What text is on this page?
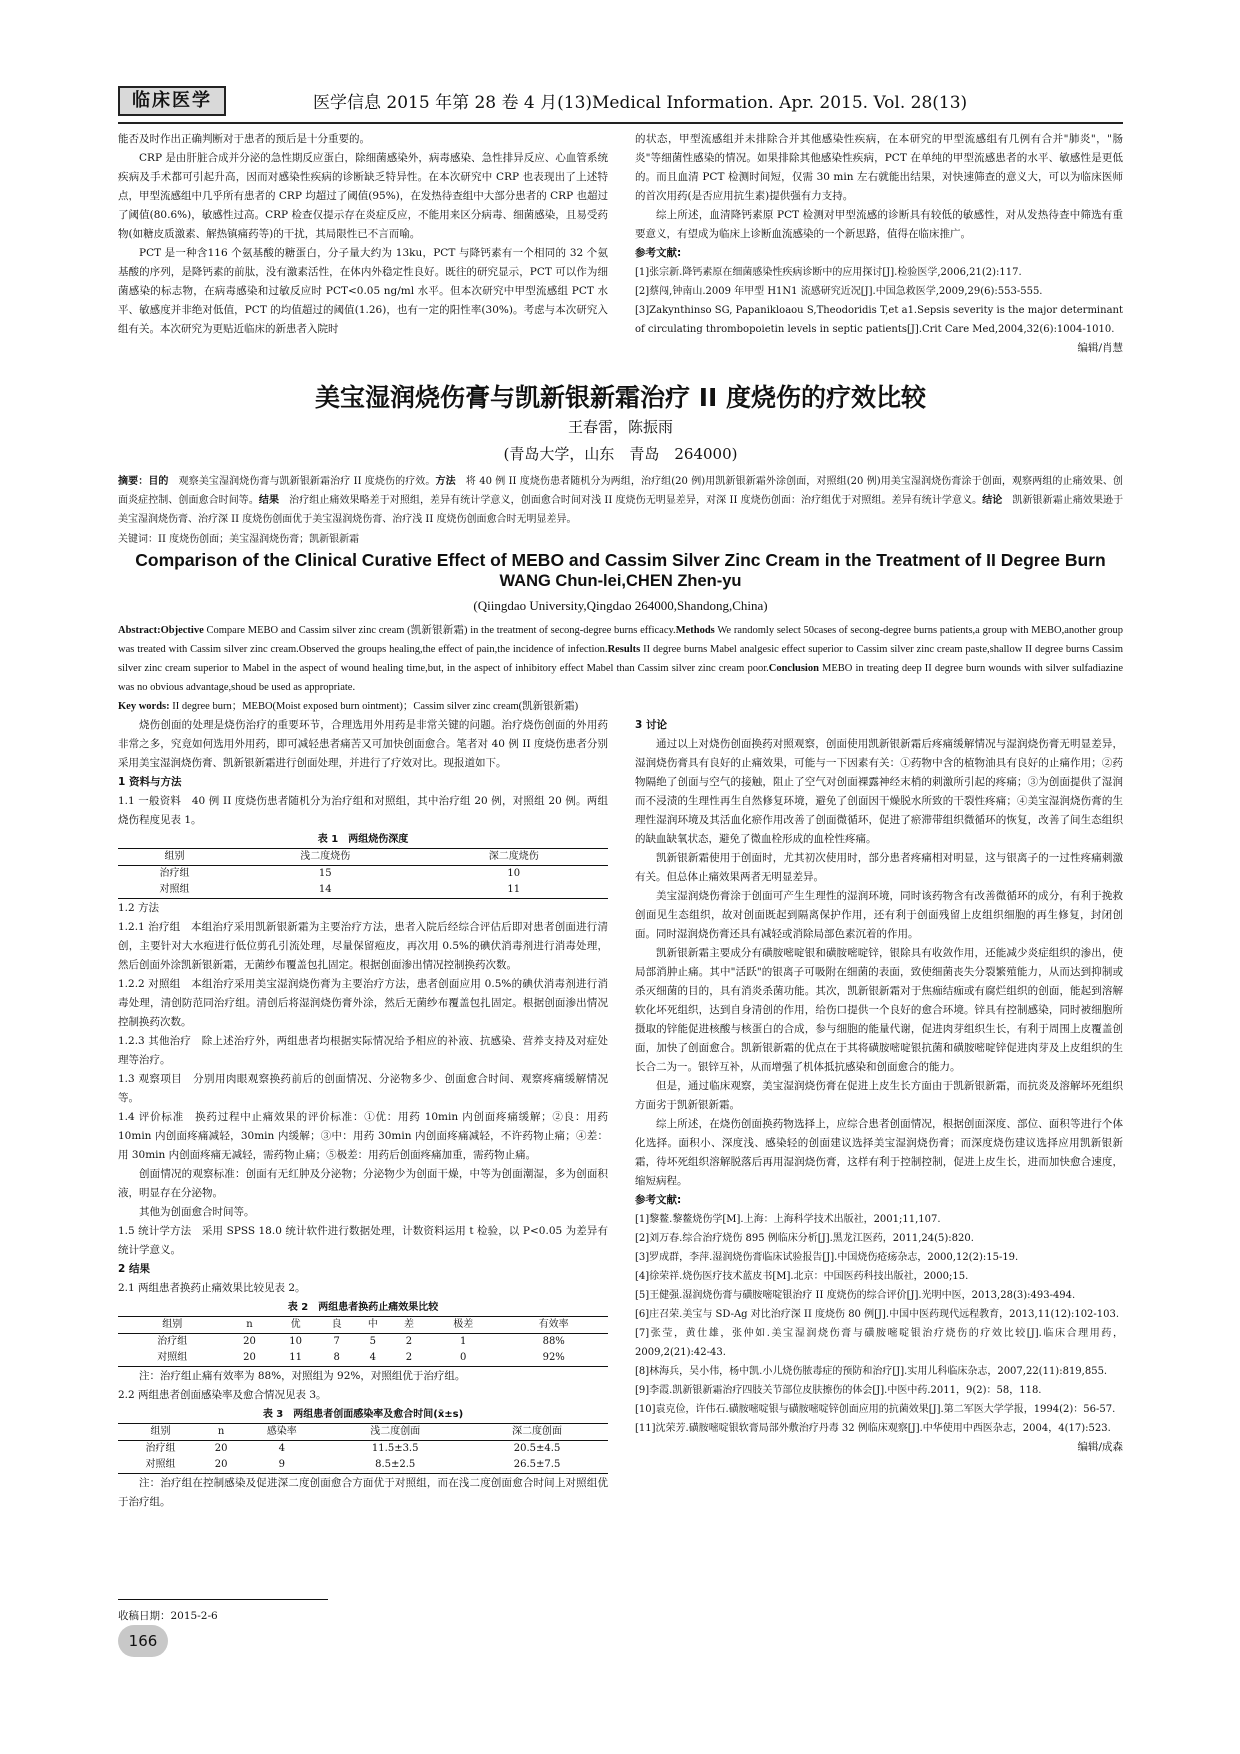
临床医学	医学信息 2015 年第 28 卷 4 月(13)Medical Information. Apr. 2015. Vol. 28(13)

能否及时作出正确判断对于患者的预后是十分重要的。

CRP 是由肝脏合成并分泌的急性期反应蛋白，除细菌感染外，病毒感染、急性排异反应、心血管系统疾病及手术都可引起升高，因而对感染性疾病的诊断缺乏特异性。在本次研究中 CRP 也表现出了上述特点，甲型流感组中几乎所有患者的 CRP 均超过了阈值(95%)，在发热待查组中大部分患者的 CRP 也超过了阈值(80.6%)，敏感性过高。CRP 检查仅提示存在炎症反应，不能用来区分病毒、细菌感染，且易受药物(如糖皮质激素、解热镇痛药等)的干扰，其局限性已不言而喻。

PCT 是一种含116 个氨基酸的糖蛋白，分子量大约为 13ku，PCT 与降钙素有一个相同的 32 个氨基酸的序列，是降钙素的前肽，没有激素活性，在体内外稳定性良好。既往的研究显示，PCT 可以作为细菌感染的标志物，在病毒感染和过敏反应时 PCT<0.05 ng/ml 水平。但本次研究中甲型流感组 PCT 水平、敏感度并非绝对低值，PCT 的均值超过的阈值(1.26)，也有一定的阳性率(30%)。考虑与本次研究入组有关。本次研究为更贴近临床的新患者入院时

的状态，甲型流感组并未排除合并其他感染性疾病，在本研究的甲型流感组有几例有合并"肺炎"，"肠炎"等细菌性感染的情况。如果排除其他感染性疾病，PCT 在单纯的甲型流感患者的水平、敏感性是更低的。而且血清 PCT 检测时间短，仅需 30 min 左右就能出结果，对快速筛查的意义大，可以为临床医师的首次用药(是否应用抗生素)提供强有力支持。

综上所述，血清降钙素原 PCT 检测对甲型流感的诊断具有较低的敏感性，对从发热待查中筛选有重要意义，有望成为临床上诊断血流感染的一个新思路，值得在临床推广。

参考文献:

[1]张宗新.降钙素原在细菌感染性疾病诊断中的应用探讨[J].检验医学,2006,21(2):117.

[2]蔡闯,钟南山.2009 年甲型 H1N1 流感研究近况[J].中国急救医学,2009,29(6):553-555.

[3]Zakynthinso SG, Papanikloaou S,Theodoridis T,et a1.Sepsis severity is the major determinant of circulating thrombopoietin levels in septic patients[J].Crit Care Med,2004,32(6):1004-1010.

编辑/肖慧

美宝湿润烧伤膏与凯新银新霜治疗 II 度烧伤的疗效比较
王春雷，陈振雨
(青岛大学，山东　青岛　264000)
摘要：目的　 观察美宝湿润烧伤膏与凯新银新霜治疗 II 度烧伤的疗效。方法　 将 40 例 II 度烧伤患者随机分为两组，治疗组(20 例)用凯新银新霜外涂创面，对照组(20 例)用美宝湿润烧伤膏涂于创面，观察两组的止痛效果、创面炎症控制、创面愈合时间等。结果　 治疗组止痛效果略差于对照组，差异有统计学意义，创面愈合时间对浅 II 度烧伤无明显差异，对深 II 度烧伤创面：治疗组优于对照组。差异有统计学意义。结论　 凯新银新霜止痛效果逊于美宝湿润烧伤膏、治疗深 II 度烧伤创面优于美宝湿润烧伤膏、治疗浅 II 度烧伤创面愈合时无明显差异。
关键词：II 度烧伤创面；美宝湿润烧伤膏；凯新银新霜
Comparison of the Clinical Curative Effect of MEBO and Cassim Silver Zinc Cream in the Treatment of II Degree Burn
WANG Chun-lei,CHEN Zhen-yu
(Qiingdao University,Qingdao 264000,Shandong,China)
Abstract:Objective Compare MEBO and Cassim silver zinc cream (凯新银新霜) in the treatment of secong-degree burns efficacy.Methods We randomly select 50cases of secong-degree burns patients,a group with MEBO,another group was treated with Cassim silver zinc cream.Observed the groups healing,the effect of pain,the incidence of infection.Results II degree burns Mabel analgesic effect superior to Cassim silver zinc cream paste,shallow II degree burns Cassim silver zinc cream superior to Mabel in the aspect of wound healing time,but, in the aspect of inhibitory effect Mabel than Cassim silver zinc cream poor.Conclusion MEBO in treating deep II degree burn wounds with silver sulfadiazine was no obvious advantage,shoud be used as appropriate.
Key words: II degree burn；MEBO(Moist exposed burn ointment)；Cassim silver zinc cream(凯新银新霜)

烧伤创面的处理是烧伤治疗的重要环节，合理选用外用药是非常关键的问题。治疗烧伤创面的外用药非常之多，究竟如何选用外用药，即可减轻患者痛苦又可加快创面愈合。笔者对 40 例 II 度烧伤患者分别采用美宝湿润烧伤膏、凯新银新霜进行创面处理，并进行了疗效对比。现报道如下。

1 资料与方法

1.1 一般资料　40 例 II 度烧伤患者随机分为治疗组和对照组，其中治疗组 20 例，对照组 20 例。两组烧伤程度见表 1。

表 1　两组烧伤深度
组别	浅二度烧伤	深二度烧伤
治疗组	15	10
对照组	14	11

1.2 方法

1.2.1 治疗组　本组治疗采用凯新银新霜为主要治疗方法，患者入院后经综合评估后即对患者创面进行清创，主要针对大水疱进行低位剪孔引流处理，尽量保留疱皮，再次用 0.5%的碘伏消毒剂进行消毒处理，然后创面外涂凯新银新霜，无菌纱布覆盖包扎固定。根据创面渗出情况控制换药次数。

1.2.2 对照组　本组治疗采用美宝湿润烧伤膏为主要治疗方法，患者创面应用 0.5%的碘伏消毒剂进行消毒处理，清创防范同治疗组。清创后将湿润烧伤膏外涂，然后无菌纱布覆盖包扎固定。根据创面渗出情况控制换药次数。

1.2.3 其他治疗　除上述治疗外，两组患者均根据实际情况给予相应的补液、抗感染、营养支持及对症处理等治疗。

1.3 观察项目　分别用肉眼观察换药前后的创面情况、分泌物多少、创面愈合时间、观察疼痛缓解情况等。

1.4 评价标准　换药过程中止痛效果的评价标准：①优：用药 10min 内创面疼痛缓解；②良：用药 10min 内创面疼痛减轻，30min 内缓解；③中：用药 30min 内创面疼痛减轻，不许药物止痛；④差：用 30min 内创面疼痛无减轻，需药物止痛；⑤极差：用药后创面疼痛加重，需药物止痛。

创面情况的观察标准：创面有无红肿及分泌物；分泌物少为创面干燥，中等为创面潮湿，多为创面积液，明显存在分泌物。

其他为创面愈合时间等。

1.5 统计学方法　采用 SPSS 18.0 统计软件进行数据处理，计数资料运用 t 检验，以 P<0.05 为差异有统计学意义。

2 结果

2.1 两组患者换药止痛效果比较见表 2。

表 2　两组患者换药止痛效果比较
组别	n	优	良	中	差	极差	有效率
治疗组	20	10	7	5	2	1	88%
对照组	20	11	8	4	2	0	92%

注：治疗组止痛有效率为 88%，对照组为 92%，对照组优于治疗组。

2.2 两组患者创面感染率及愈合情况见表 3。

表 3　两组患者创面感染率及愈合时间(x̄±s)
组别	n	感染率	浅二度创面	深二度创面
治疗组	20	4	11.5±3.5	20.5±4.5
对照组	20	9	8.5±2.5	26.5±7.5

注：治疗组在控制感染及促进深二度创面愈合方面优于对照组，而在浅二度创面愈合时间上对照组优于治疗组。

收稿日期：2015-2-6
166

3 讨论

通过以上对烧伤创面换药对照观察，创面使用凯新银新霜后疼痛缓解情况与湿润烧伤膏无明显差异，湿润烧伤膏具有良好的止痛效果，可能与一下因素有关：①药物中含的植物油具有良好的止痛作用；②药物隔绝了创面与空气的接触，阻止了空气对创面裸露神经末梢的刺激所引起的疼痛；③为创面提供了湿润而不浸渍的生理性再生自然修复环境，避免了创面因干燥脱水所致的干裂性疼痛；④美宝湿润烧伤膏的生理性湿润环境及其活血化瘀作用改善了创面微循环，促进了瘀滞带组织微循环的恢复，改善了间生态组织的缺血缺氧状态，避免了微血栓形成的血栓性疼痛。

凯新银新霜使用于创面时，尤其初次使用时，部分患者疼痛相对明显，这与银离子的一过性疼痛刺激有关。但总体止痛效果两者无明显差异。

美宝湿润烧伤膏涂于创面可产生生理性的湿润环境，同时该药物含有改善微循环的成分，有利于挽救创面见生态组织，故对创面既起到隔离保护作用，还有利于创面残留上皮组织细胞的再生修复，封闭创面。同时湿润烧伤膏还具有减轻或消除局部色素沉着的作用。

凯新银新霜主要成分有磺胺嘧啶银和磺胺嘧啶锌，银除具有收敛作用，还能减少炎症组织的渗出，使局部消肿止痛。其中"活跃"的银离子可吸附在细菌的表面，致使细菌丧失分裂繁殖能力，从而达到抑制或杀灭细菌的目的，具有消炎杀菌功能。其次，凯新银新霜对于焦痂结痂或有腐烂组织的创面，能起到溶解软化坏死组织，达到自身清创的作用，给伤口提供一个良好的愈合环境。锌具有控制感染，同时被细胞所摄取的锌能促进核酸与核蛋白的合成，参与细胞的能量代谢，促进肉芽组织生长，有利于周围上皮覆盖创面，加快了创面愈合。凯新银新霜的优点在于其将磺胺嘧啶银抗菌和磺胺嘧啶锌促进肉芽及上皮组织的生长合二为一。银锌互补，从而增强了机体抵抗感染和创面愈合的能力。

但是，通过临床观察，美宝湿润烧伤膏在促进上皮生长方面由于凯新银新霜，而抗炎及溶解坏死组织方面劣于凯新银新霜。

综上所述，在烧伤创面换药物选择上，应综合患者创面情况，根据创面深度、部位、面积等进行个体化选择。面积小、深度浅、感染轻的创面建议选择美宝湿润烧伤膏；而深度烧伤建议选择应用凯新银新霜，待坏死组织溶解脱落后再用湿润烧伤膏，这样有利于控制控制，促进上皮生长，进而加快愈合速度，缩短病程。

参考文献:

[1]黎鳌.黎鳌烧伤学[M].上海：上海科学技术出版社，2001;11,107.

[2]刘万春.综合治疗烧伤 895 例临床分析[J].黑龙江医药，2011,24(5):820.

[3]罗成群，李萍.湿润烧伤膏临床试验报告[J].中国烧伤疮疡杂志，2000,12(2):15-19.

[4]徐荣祥.烧伤医疗技术蓝皮书[M].北京：中国医药科技出版社，2000;15.

[5]王健强.湿润烧伤膏与磺胺嘧啶银治疗 II 度烧伤的综合评价[J].光明中医，2013,28(3):493-494.

[6]庄召荣.美宝与 SD-Ag 对比治疗深 II 度烧伤 80 例[J].中国中医药现代远程教育，2013,11(12):102-103.

[7]张莹，黄仕雄，张仲如.美宝湿润烧伤膏与磺胺嘧啶银治疗烧伤的疗效比较[J].临床合理用药，2009,2(21):42-43.

[8]林海兵，吴小伟，杨中凯.小儿烧伤脓毒症的预防和治疗[J].实用儿科临床杂志，2007,22(11):819,855.

[9]李霞.凯新银新霜治疗四肢关节部位皮肤擦伤的体会[J].中医中药.2011，9(2)：58，118.

[10]袁克俭，许伟石.磺胺嘧啶银与磺胺嘧啶锌创面应用的抗菌效果[J].第二军医大学学报，1994(2)：56-57.

[11]沈荣芳.磺胺嘧啶银软膏局部外敷治疗丹毒 32 例临床观察[J].中华使用中西医杂志，2004，4(17):523.

编辑/成森
